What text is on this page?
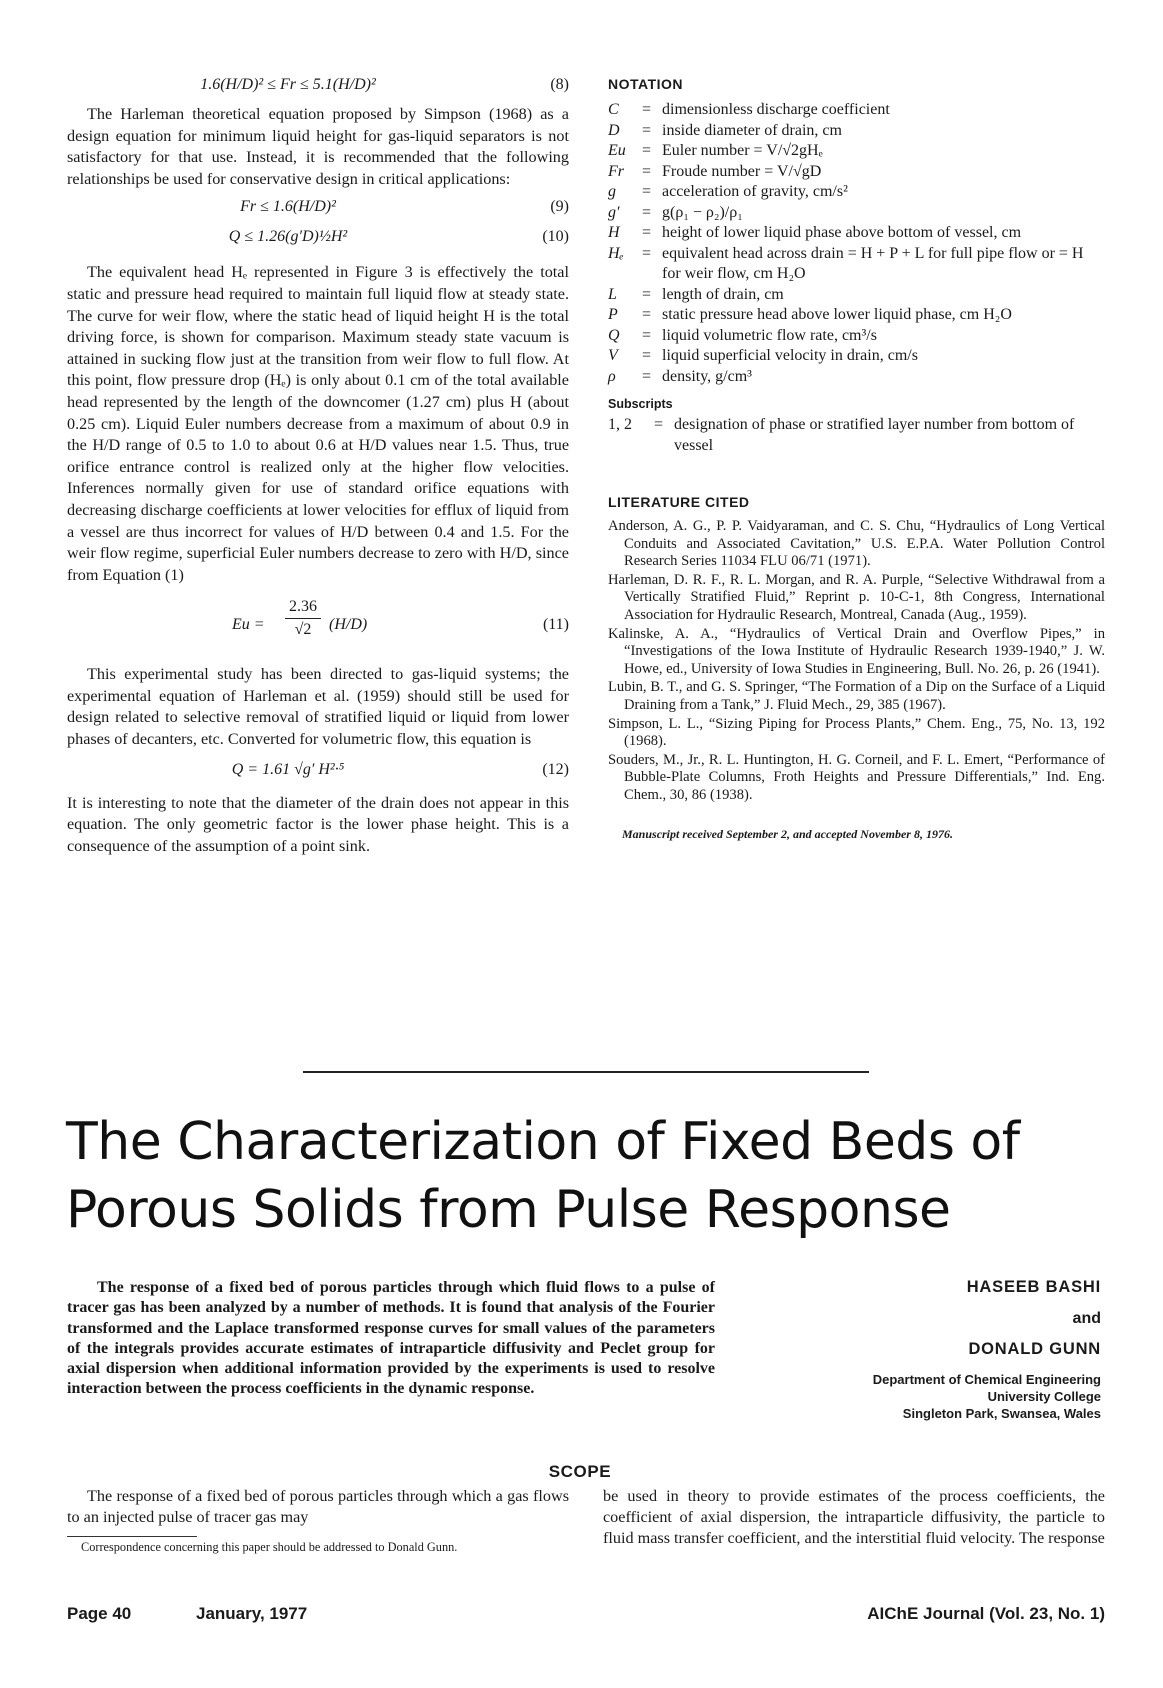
1.6(H/D)² ≤ Fr ≤ 5.1(H/D)²	(8)

The Harleman theoretical equation proposed by Simpson (1968) as a design equation for minimum liquid height for gas-liquid separators is not satisfactory for that use. Instead, it is recommended that the following relationships be used for conservative design in critical applications:

Fr ≤ 1.6(H/D)²	(9)
Q ≤ 1.26(g′D)½H²	(10)

The equivalent head Hₑ represented in Figure 3 is effectively the total static and pressure head required to maintain full liquid flow at steady state. The curve for weir flow, where the static head of liquid height H is the total driving force, is shown for comparison. Maximum steady state vacuum is attained in sucking flow just at the transition from weir flow to full flow. At this point, flow pressure drop (Hₑ) is only about 0.1 cm of the total available head represented by the length of the downcomer (1.27 cm) plus H (about 0.25 cm). Liquid Euler numbers decrease from a maximum of about 0.9 in the H/D range of 0.5 to 1.0 to about 0.6 at H/D values near 1.5. Thus, true orifice entrance control is realized only at the higher flow velocities. Inferences normally given for use of standard orifice equations with decreasing discharge coefficients at lower velocities for efflux of liquid from a vessel are thus incorrect for values of H/D between 0.4 and 1.5. For the weir flow regime, superficial Euler numbers decrease to zero with H/D, since from Equation (1)

$Eu = \frac{2.36}{√2} (H/D)$	(11)

This experimental study has been directed to gas-liquid systems; the experimental equation of Harleman et al. (1959) should still be used for design related to selective removal of stratified liquid or liquid from lower phases of decanters, etc. Converted for volumetric flow, this equation is

Q = 1.61 √g′ H²·⁵	(12)

It is interesting to note that the diameter of the drain does not appear in this equation. The only geometric factor is the lower phase height. This is a consequence of the assumption of a point sink.

NOTATION
C	= dimensionless discharge coefficient
D	= inside diameter of drain, cm
Eu	= Euler number = V/√2gHₑ
Fr	= Froude number = V/√gD
g	= acceleration of gravity, cm/s²
g′	= g(ρ₁ − ρ₂)/ρ₁
H	= height of lower liquid phase above bottom of vessel, cm
Hₑ	= equivalent head across drain = H + P + L for full pipe flow or = H for weir flow, cm H₂O
L	= length of drain, cm
P	= static pressure head above lower liquid phase, cm H₂O
Q	= liquid volumetric flow rate, cm³/s
V	= liquid superficial velocity in drain, cm/s
ρ	= density, g/cm³
Subscripts
1, 2	= designation of phase or stratified layer number from bottom of vessel
LITERATURE CITED
Anderson, A. G., P. P. Vaidyaraman, and C. S. Chu, “Hydraulics of Long Vertical Conduits and Associated Cavitation,” U.S. E.P.A. Water Pollution Control Research Series 11034 FLU 06/71 (1971).
Harleman, D. R. F., R. L. Morgan, and R. A. Purple, “Selective Withdrawal from a Vertically Stratified Fluid,” Reprint p. 10-C-1, 8th Congress, International Association for Hydraulic Research, Montreal, Canada (Aug., 1959).
Kalinske, A. A., “Hydraulics of Vertical Drain and Overflow Pipes,” in “Investigations of the Iowa Institute of Hydraulic Research 1939-1940,” J. W. Howe, ed., University of Iowa Studies in Engineering, Bull. No. 26, p. 26 (1941).
Lubin, B. T., and G. S. Springer, “The Formation of a Dip on the Surface of a Liquid Draining from a Tank,” J. Fluid Mech., 29, 385 (1967).
Simpson, L. L., “Sizing Piping for Process Plants,” Chem. Eng., 75, No. 13, 192 (1968).
Souders, M., Jr., R. L. Huntington, H. G. Corneil, and F. L. Emert, “Performance of Bubble-Plate Columns, Froth Heights and Pressure Differentials,” Ind. Eng. Chem., 30, 86 (1938).
Manuscript received September 2, and accepted November 8, 1976.
The Characterization of Fixed Beds of
Porous Solids from Pulse Response
The response of a fixed bed of porous particles through which fluid flows to a pulse of tracer gas has been analyzed by a number of methods. It is found that analysis of the Fourier transformed and the Laplace transformed response curves for small values of the parameters of the integrals provides accurate estimates of intraparticle diffusivity and Peclet group for axial dispersion when additional information provided by the experiments is used to resolve interaction between the process coefficients in the dynamic response.
HASEEB BASHI
and
DONALD GUNN
Department of Chemical Engineering
University College
Singleton Park, Swansea, Wales
SCOPE

The response of a fixed bed of porous particles through which a gas flows to an injected pulse of tracer gas may

Correspondence concerning this paper should be addressed to Donald Gunn.

be used in theory to provide estimates of the process coefficients, the coefficient of axial dispersion, the intraparticle diffusivity, the particle to fluid mass transfer coefficient, and the interstitial fluid velocity. The response

Page 40	January, 1977	AIChE Journal (Vol. 23, No. 1)
